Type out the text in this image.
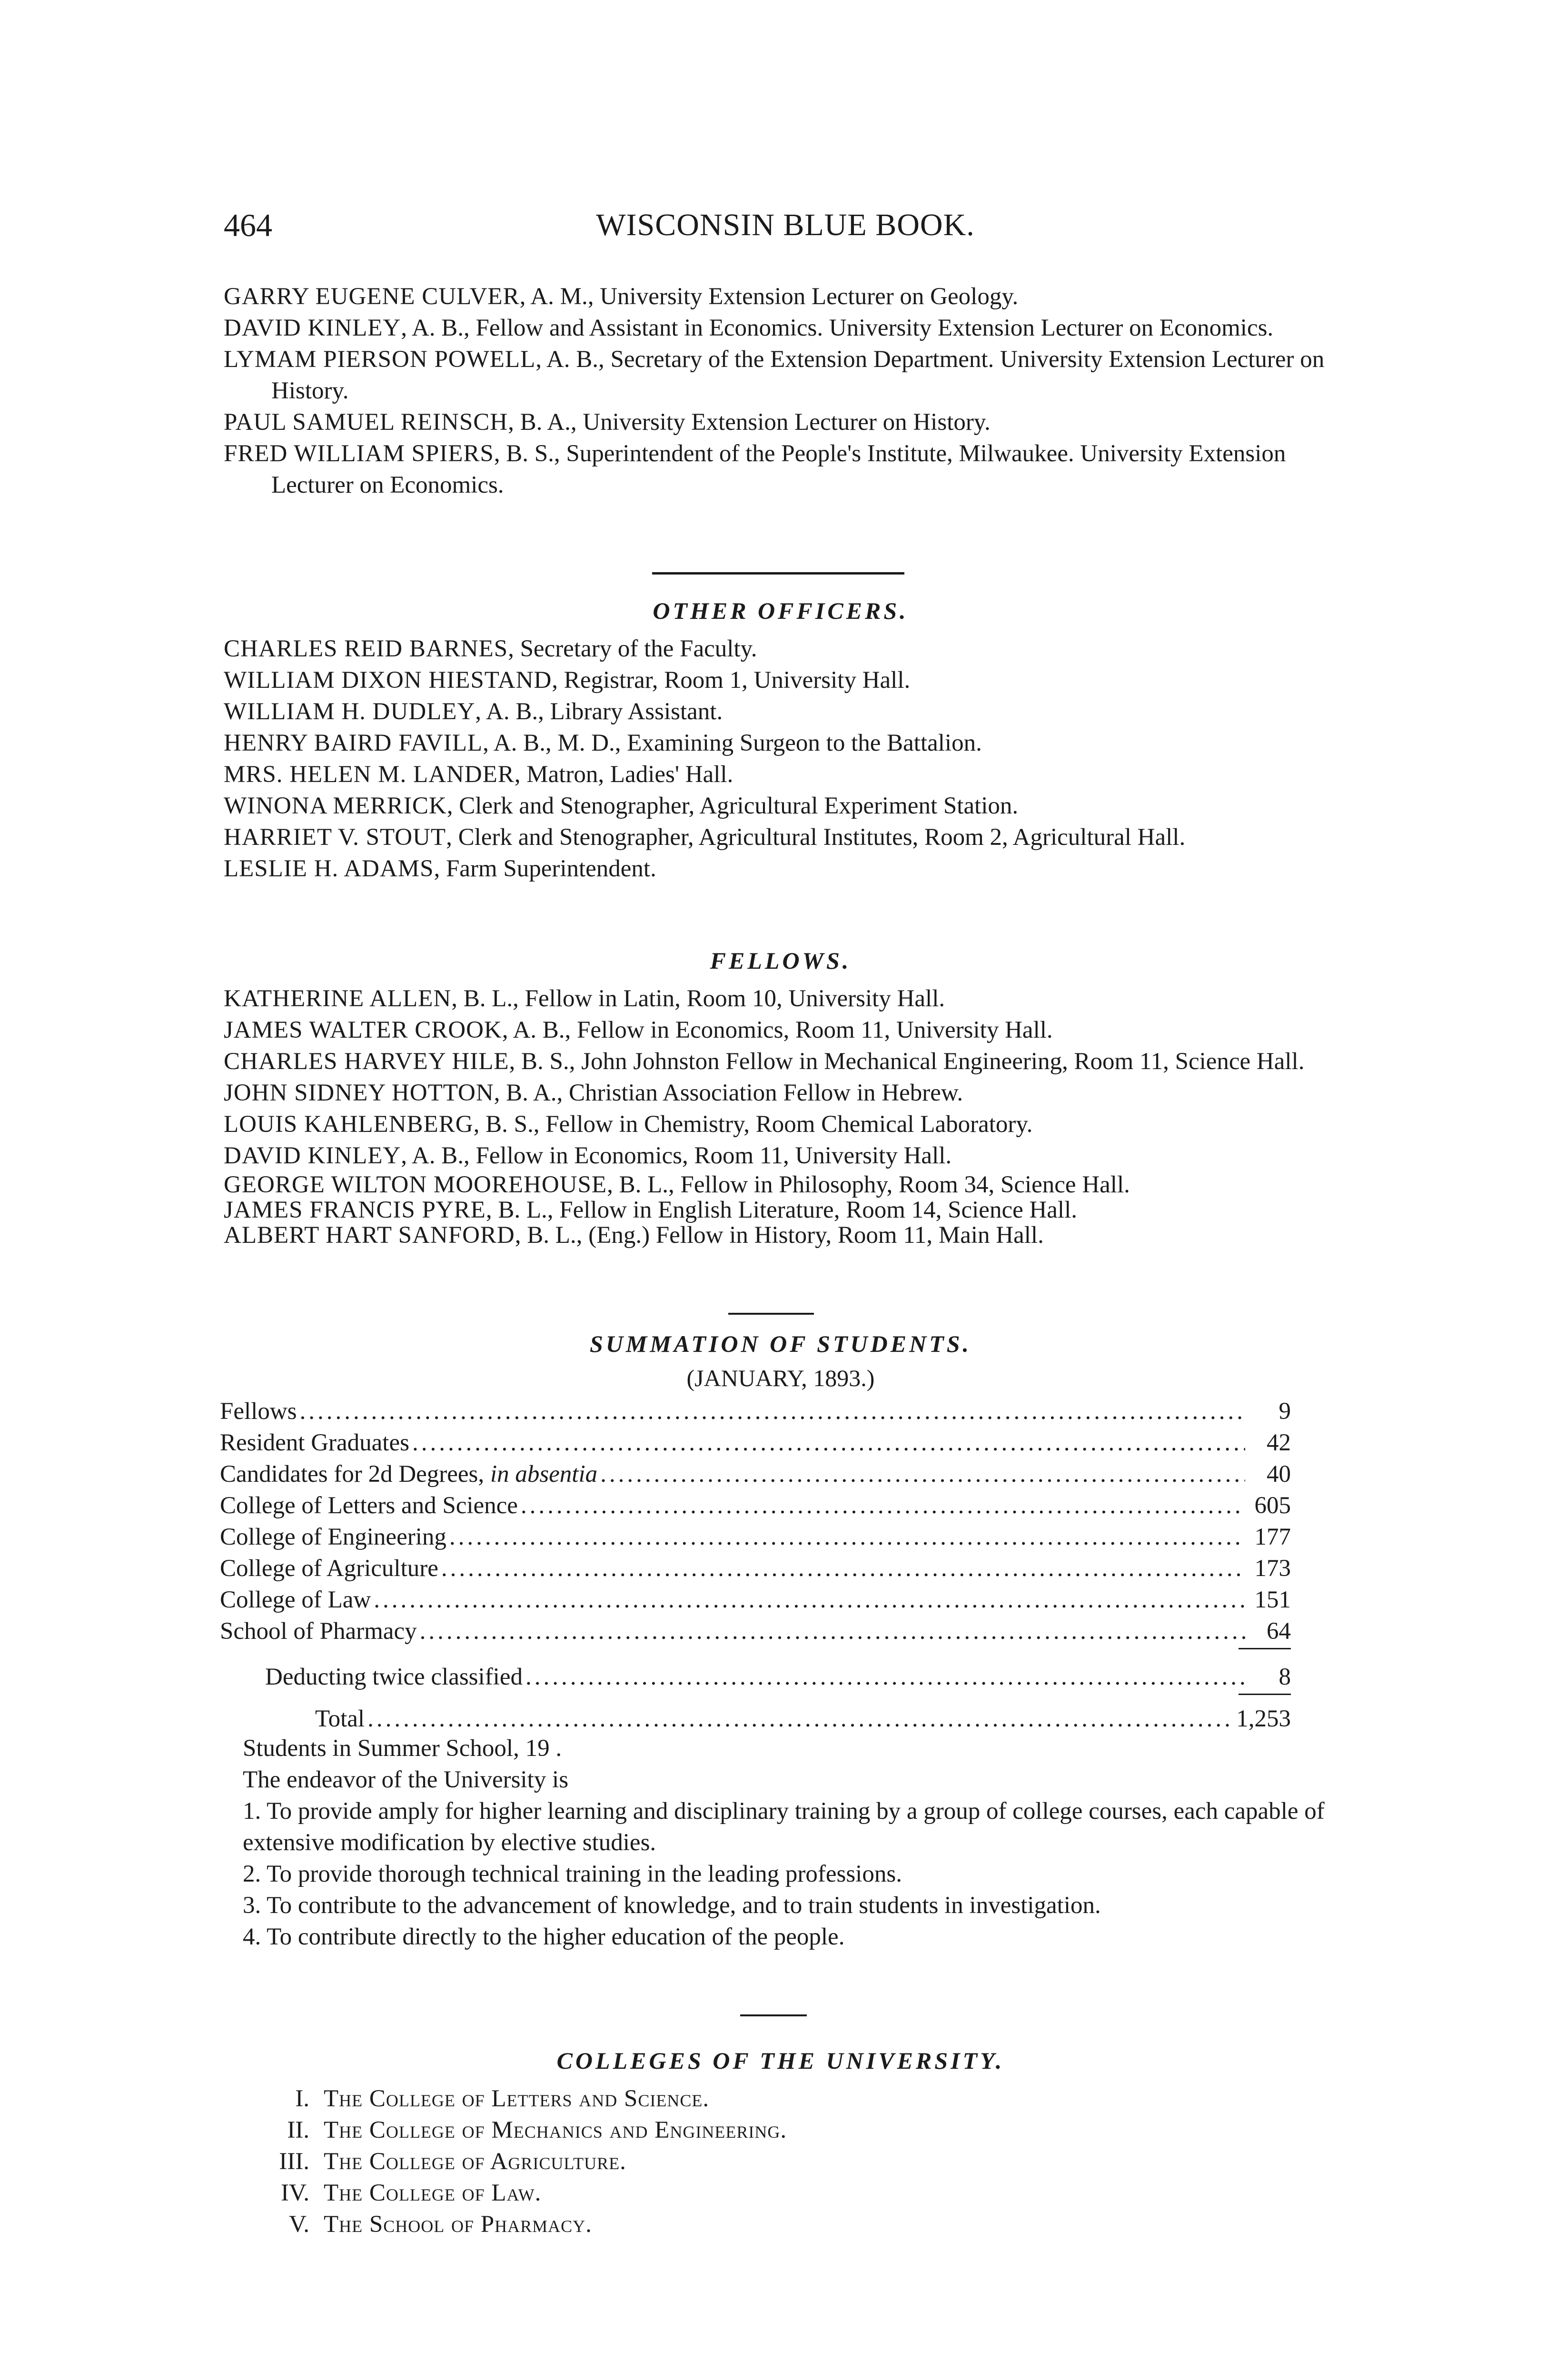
464	WISCONSIN BLUE BOOK.

GARRY EUGENE CULVER, A. M., University Extension Lecturer on Geology.

DAVID KINLEY, A. B., Fellow and Assistant in Economics. University Extension Lecturer on Economics.

LYMAM PIERSON POWELL, A. B., Secretary of the Extension Department. University Extension Lecturer on History.

PAUL SAMUEL REINSCH, B. A., University Extension Lecturer on History.

FRED WILLIAM SPIERS, B. S., Superintendent of the People's Institute, Milwaukee. University Extension Lecturer on Economics.

OTHER OFFICERS.

CHARLES REID BARNES, Secretary of the Faculty.

WILLIAM DIXON HIESTAND, Registrar, Room 1, University Hall.

WILLIAM H. DUDLEY, A. B., Library Assistant.

HENRY BAIRD FAVILL, A. B., M. D., Examining Surgeon to the Battalion.

MRS. HELEN M. LANDER, Matron, Ladies' Hall.

WINONA MERRICK, Clerk and Stenographer, Agricultural Experiment Station.

HARRIET V. STOUT, Clerk and Stenographer, Agricultural Institutes, Room 2, Agricultural Hall.

LESLIE H. ADAMS, Farm Superintendent.

FELLOWS.

KATHERINE ALLEN, B. L., Fellow in Latin, Room 10, University Hall.

JAMES WALTER CROOK, A. B., Fellow in Economics, Room 11, University Hall.

CHARLES HARVEY HILE, B. S., John Johnston Fellow in Mechanical Engineering, Room 11, Science Hall.

JOHN SIDNEY HOTTON, B. A., Christian Association Fellow in Hebrew.

LOUIS KAHLENBERG, B. S., Fellow in Chemistry, Room Chemical Laboratory.

DAVID KINLEY, A. B., Fellow in Economics, Room 11, University Hall.

GEORGE WILTON MOOREHOUSE, B. L., Fellow in Philosophy, Room 34, Science Hall.

JAMES FRANCIS PYRE, B. L., Fellow in English Literature, Room 14, Science Hall.

ALBERT HART SANFORD, B. L., (Eng.) Fellow in History, Room 11, Main Hall.

SUMMATION OF STUDENTS.
(JANUARY, 1893.)
Fellows .....	9
Resident Graduates .....	42
Candidates for 2d Degrees, in absentia .....	40
College of Letters and Science .....	605
College of Engineering .....	177
College of Agriculture .....	173
College of Law .....	151
School of Pharmacy .....	64
Deducting twice classified .....	8
Total .....	1,253

Students in Summer School, 19 .

The endeavor of the University is

1. To provide amply for higher learning and disciplinary training by a group of college courses, each capable of extensive modification by elective studies.

2. To provide thorough technical training in the leading professions.

3. To contribute to the advancement of knowledge, and to train students in investigation.

4. To contribute directly to the higher education of the people.

COLLEGES OF THE UNIVERSITY.
I. The College of Letters and Science.
II. The College of Mechanics and Engineering.
III. The College of Agriculture.
IV. The College of Law.
V. The School of Pharmacy.
